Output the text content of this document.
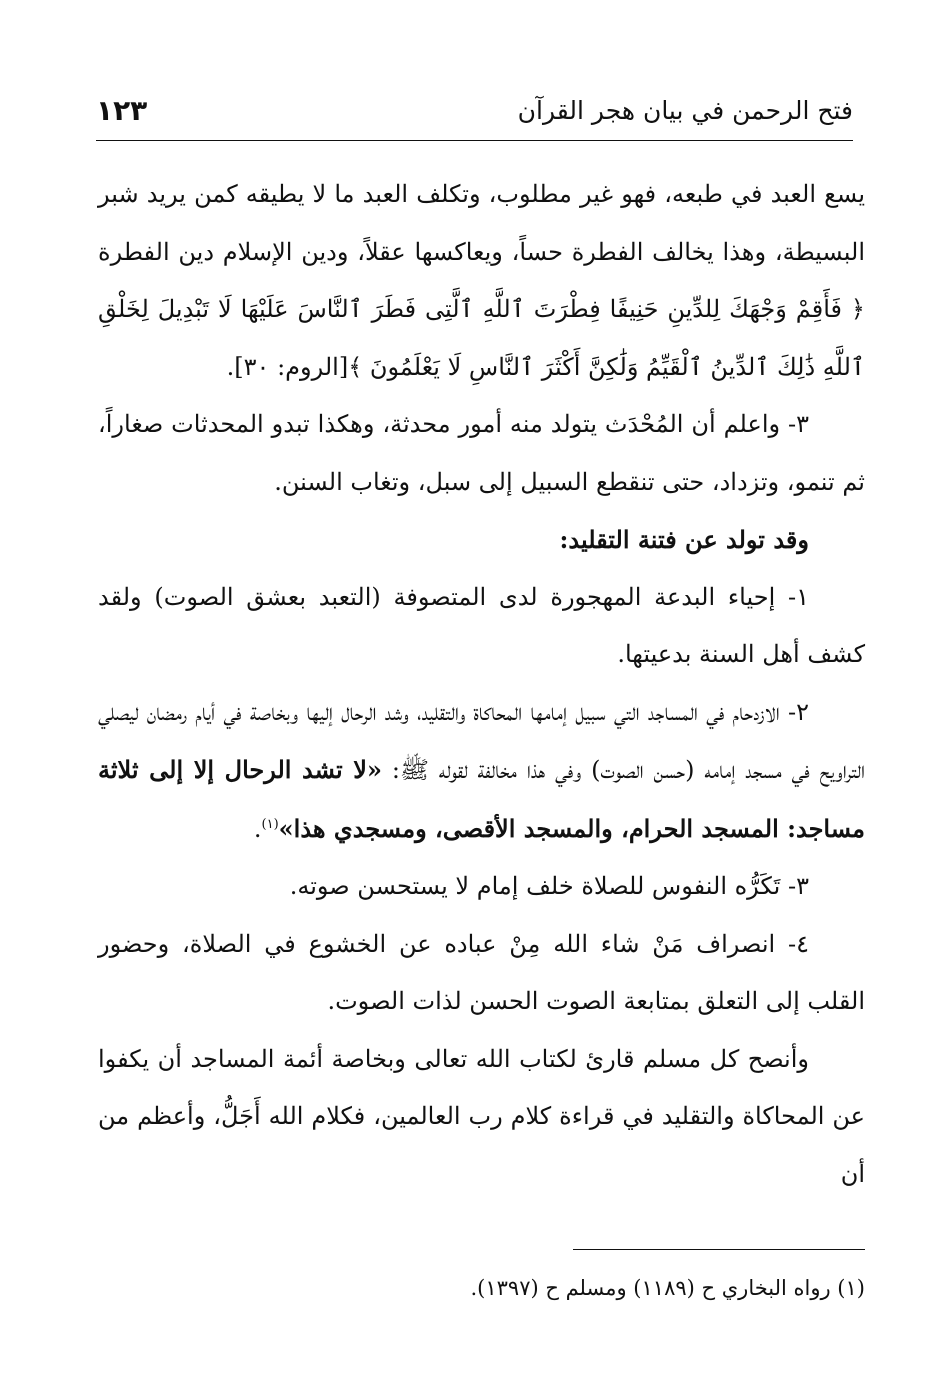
فتح الرحمن في بيان هجر القرآن
١٢٣

يسع العبد في طبعه، فهو غير مطلوب، وتكلف العبد ما لا يطيقه كمن يريد شبر البسيطة، وهذا يخالف الفطرة حساً، ويعاكسها عقلاً، ودين الإسلام دين الفطرة ﴿ فَأَقِمْ وَجْهَكَ لِلدِّينِ حَنِيفًا فِطْرَتَ ٱللَّهِ ٱلَّتِى فَطَرَ ٱلنَّاسَ عَلَيْهَا لَا تَبْدِيلَ لِخَلْقِ ٱللَّهِ ذَٰلِكَ ٱلدِّينُ ٱلْقَيِّمُ وَلَٰكِنَّ أَكْثَرَ ٱلنَّاسِ لَا يَعْلَمُونَ ﴾[الروم: ٣٠].

٣- واعلم أن المُحْدَث يتولد منه أمور محدثة، وهكذا تبدو المحدثات صغاراً، ثم تنمو، وتزداد، حتى تنقطع السبيل إلى سبل، وتغاب السنن.

وقد تولد عن فتنة التقليد:

١- إحياء البدعة المهجورة لدى المتصوفة (التعبد بعشق الصوت) ولقد كشف أهل السنة بدعيتها.

٢- الازدحام في المساجد التي سبيل إمامها المحاكاة والتقليد، وشد الرحال إليها وبخاصة في أيام رمضان ليصلي التراويح في مسجد إمامه (حسن الصوت) وفي هذا مخالفة لقوله ﷺ: «لا تشد الرحال إلا إلى ثلاثة مساجد: المسجد الحرام، والمسجد الأقصى، ومسجدي هذا»$^{(١)}$.

٣- تَكَرُّه النفوس للصلاة خلف إمام لا يستحسن صوته.

٤- انصراف مَنْ شاء الله مِنْ عباده عن الخشوع في الصلاة، وحضور القلب إلى التعلق بمتابعة الصوت الحسن لذات الصوت.

وأنصح كل مسلم قارئ لكتاب الله تعالى وبخاصة أئمة المساجد أن يكفوا عن المحاكاة والتقليد في قراءة كلام رب العالمين، فكلام الله أَجَلُّ، وأعظم من أن

(١) رواه البخاري ح (١١٨٩) ومسلم ح (١٣٩٧).
